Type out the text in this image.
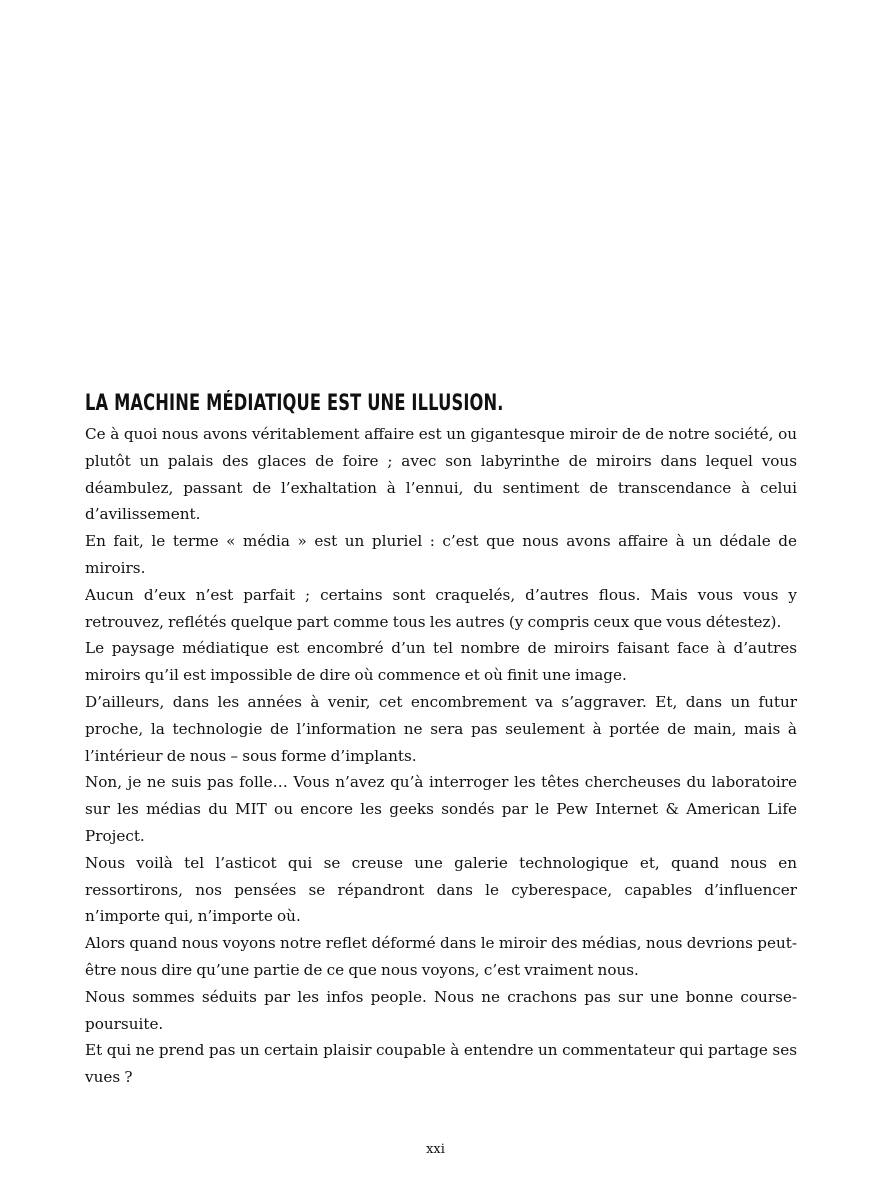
LA MACHINE MÉDIATIQUE EST UNE ILLUSION.

Ce à quoi nous avons véritablement affaire est un gigantesque miroir de de notre société, ou plutôt un palais des glaces de foire ; avec son labyrinthe de miroirs dans lequel vous déambulez, passant de l’exhaltation à l’ennui, du sentiment de transcendance à celui d’avilissement.

En fait, le terme « média » est un pluriel : c’est que nous avons affaire à un dédale de miroirs.

Aucun d’eux n’est parfait ; certains sont craquelés, d’autres flous. Mais vous vous y retrouvez, reflétés quelque part comme tous les autres (y compris ceux que vous détestez).

Le paysage médiatique est encombré d’un tel nombre de miroirs faisant face à d’autres miroirs qu’il est impossible de dire où commence et où finit une image.

D’ailleurs, dans les années à venir, cet encombrement va s’aggraver. Et, dans un futur proche, la technologie de l’information ne sera pas seulement à portée de main, mais à l’intérieur de nous – sous forme d’implants.

Non, je ne suis pas folle… Vous n’avez qu’à interroger les têtes chercheuses du laboratoire sur les médias du MIT ou encore les geeks sondés par le Pew Internet & American Life Project.

Nous voilà tel l’asticot qui se creuse une galerie technologique et, quand nous en ressortirons, nos pensées se répandront dans le cyberespace, capables d’influencer n’importe qui, n’importe où.

Alors quand nous voyons notre reflet déformé dans le miroir des médias, nous devrions peut-être nous dire qu’une partie de ce que nous voyons, c’est vraiment nous.

Nous sommes séduits par les infos people. Nous ne crachons pas sur une bonne course-poursuite.

Et qui ne prend pas un certain plaisir coupable à entendre un commentateur qui partage ses vues ?

xxi
